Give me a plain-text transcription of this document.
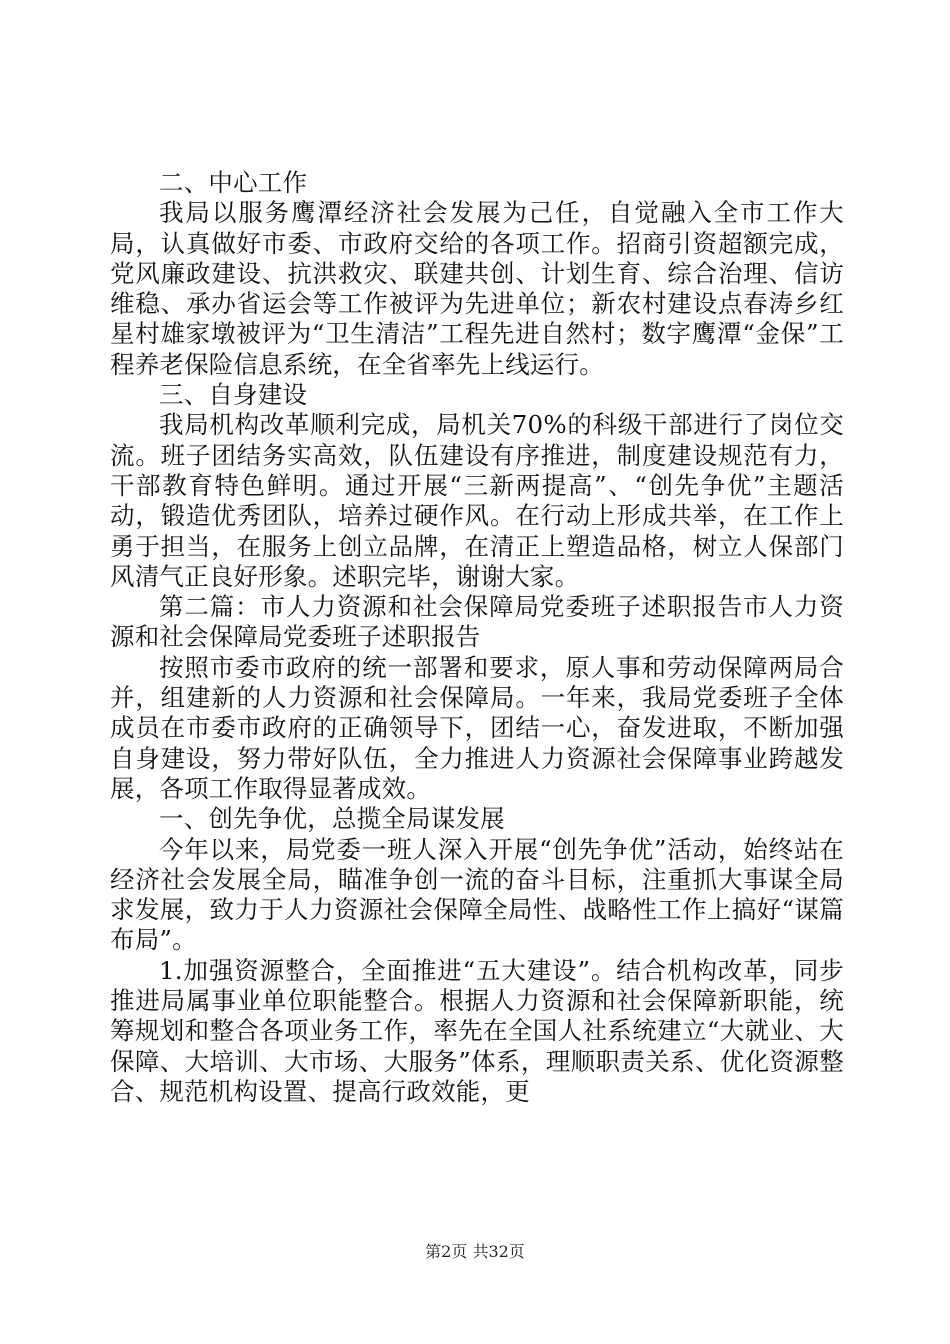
二、中心工作

我局以服务鹰潭经济社会发展为己任，自觉融入全市工作大局，认真做好市委、市政府交给的各项工作。招商引资超额完成，党风廉政建设、抗洪救灾、联建共创、计划生育、综合治理、信访维稳、承办省运会等工作被评为先进单位；新农村建设点春涛乡红星村雄家墩被评为“卫生清洁”工程先进自然村；数字鹰潭“金保”工程养老保险信息系统，在全省率先上线运行。

三、自身建设

我局机构改革顺利完成，局机关70%的科级干部进行了岗位交流。班子团结务实高效，队伍建设有序推进，制度建设规范有力，干部教育特色鲜明。通过开展“三新两提高”、“创先争优”主题活动，锻造优秀团队，培养过硬作风。在行动上形成共举，在工作上勇于担当，在服务上创立品牌，在清正上塑造品格，树立人保部门风清气正良好形象。述职完毕，谢谢大家。

第二篇：市人力资源和社会保障局党委班子述职报告市人力资源和社会保障局党委班子述职报告

按照市委市政府的统一部署和要求，原人事和劳动保障两局合并，组建新的人力资源和社会保障局。一年来，我局党委班子全体成员在市委市政府的正确领导下，团结一心，奋发进取，不断加强自身建设，努力带好队伍，全力推进人力资源社会保障事业跨越发展，各项工作取得显著成效。

一、创先争优，总揽全局谋发展

今年以来，局党委一班人深入开展“创先争优”活动，始终站在经济社会发展全局，瞄准争创一流的奋斗目标，注重抓大事谋全局求发展，致力于人力资源社会保障全局性、战略性工作上搞好“谋篇布局”。

1.加强资源整合，全面推进“五大建设”。结合机构改革，同步推进局属事业单位职能整合。根据人力资源和社会保障新职能，统筹规划和整合各项业务工作，率先在全国人社系统建立“大就业、大保障、大培训、大市场、大服务”体系，理顺职责关系、优化资源整合、规范机构设置、提高行政效能，更

第2页 共32页
